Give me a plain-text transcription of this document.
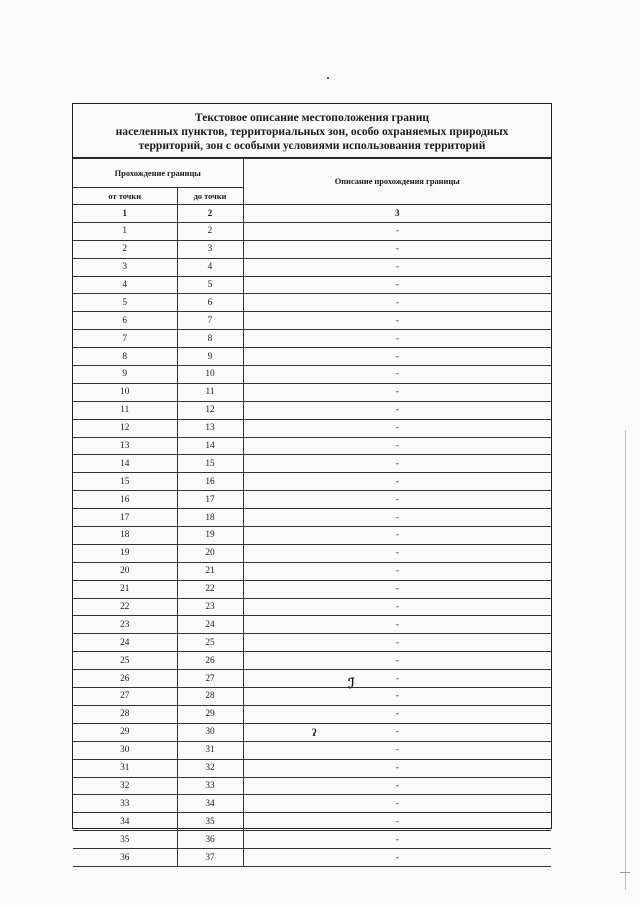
Текстовое описание местоположения границ
населенных пунктов, территориальных зон, особо охраняемых природных
территорий, зон с особыми условиями использования территорий
Прохождение границы		Описание прохождения границы
от точки	до точки	
1	2	3
1	2	-
2	3	-
3	4	-
4	5	-
5	6	-
6	7	-
7	8	-
8	9	-
9	10	-
10	11	-
11	12	-
12	13	-
13	14	-
14	15	-
15	16	-
16	17	-
17	18	-
18	19	-
19	20	-
20	21	-
21	22	-
22	23	-
23	24	-
24	25	-
25	26	-
26	27	-
27	28	-
28	29	-
29	30	-
30	31	-
31	32	-
32	33	-
33	34	-
34	35	-
35	36	-
36	37	-
ℐ
ʔ
